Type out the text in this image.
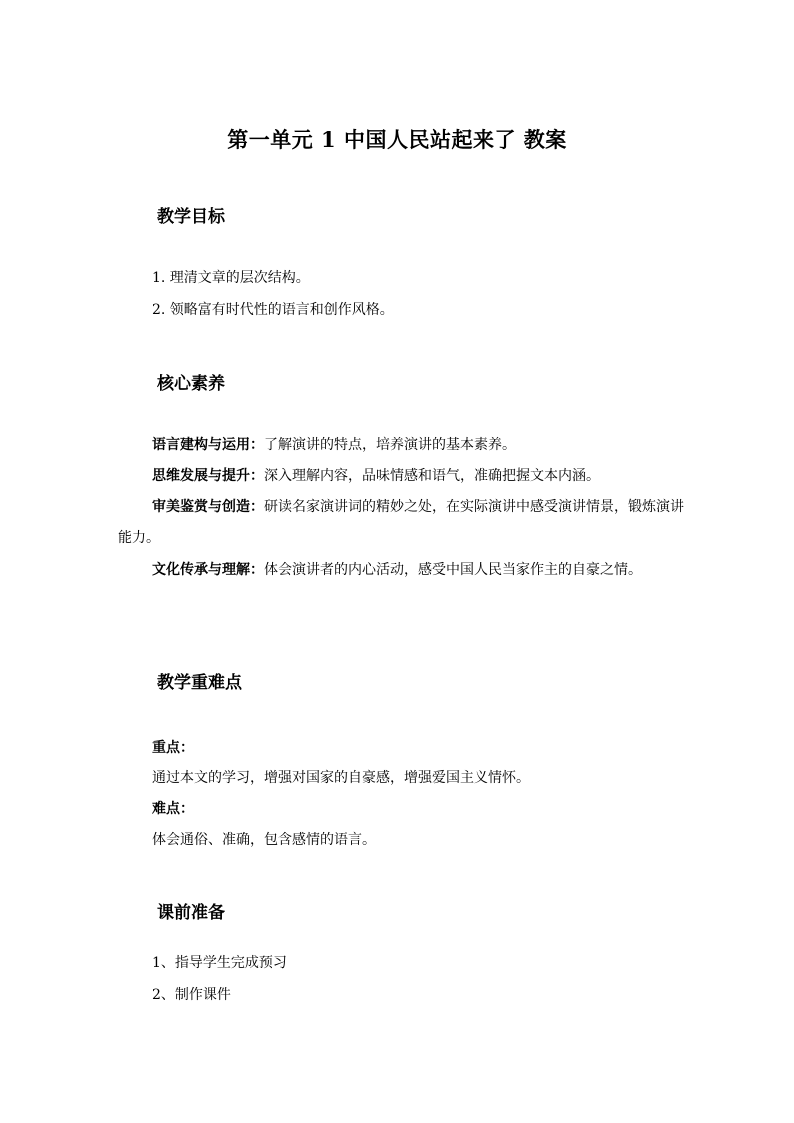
第一单元 1 中国人民站起来了 教案
教学目标
1. 理清文章的层次结构。
2. 领略富有时代性的语言和创作风格。
核心素养
语言建构与运用：了解演讲的特点，培养演讲的基本素养。
思维发展与提升：深入理解内容，品味情感和语气，准确把握文本内涵。
审美鉴赏与创造：研读名家演讲词的精妙之处，在实际演讲中感受演讲情景，锻炼演讲能力。
文化传承与理解：体会演讲者的内心活动，感受中国人民当家作主的自豪之情。
教学重难点
重点：
通过本文的学习，增强对国家的自豪感，增强爱国主义情怀。
难点：
体会通俗、准确，包含感情的语言。
课前准备
1、指导学生完成预习
2、制作课件
